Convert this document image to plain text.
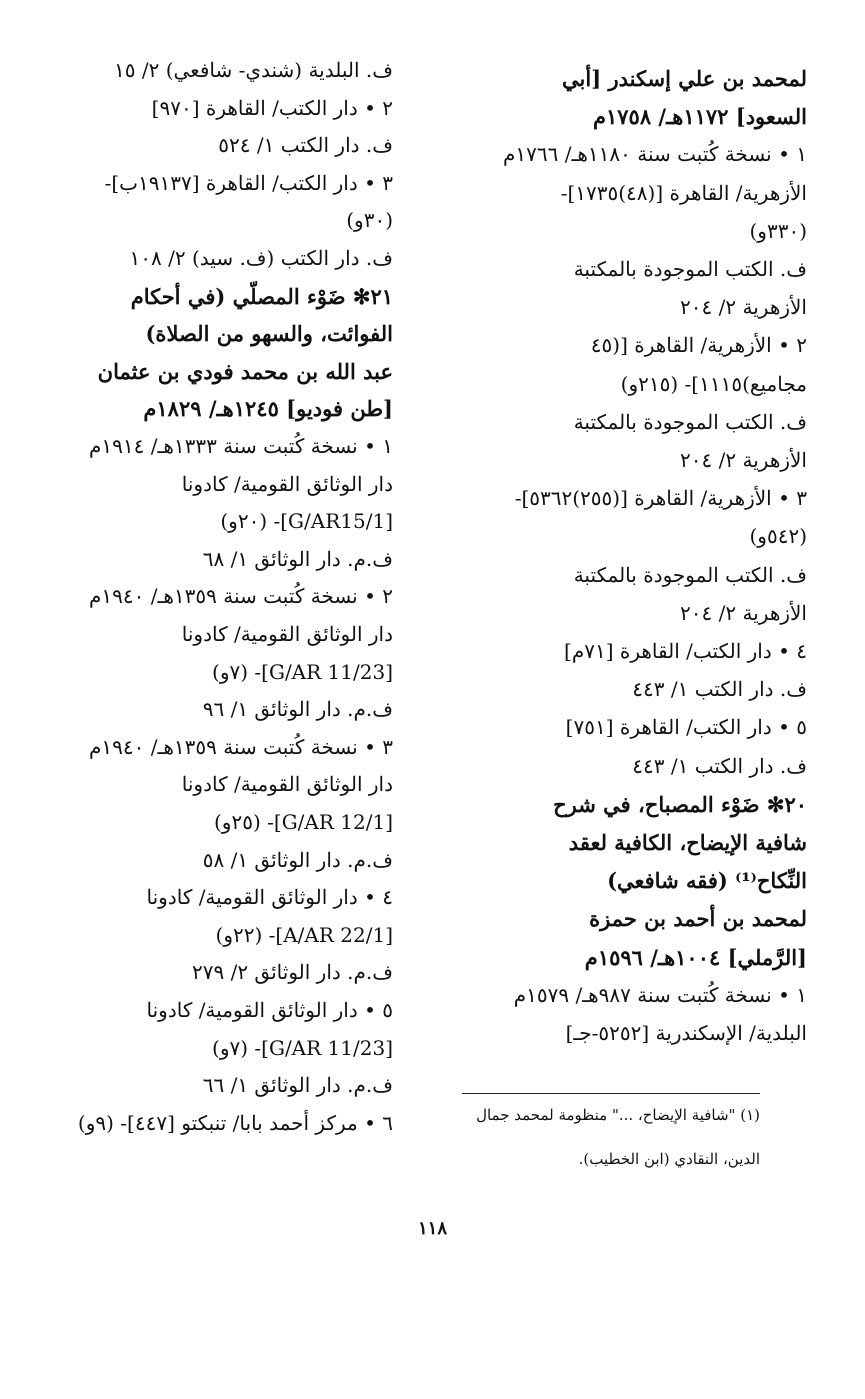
لمحمد بن علي إسكندر [أبي
السعود] ١١٧٢هـ/ ١٧٥٨م
١ • نسخة كُتبت سنة ١١٨٠هـ/ ١٧٦٦م
الأزهرية/ القاهرة [(٤٨)١٧٣٥]-
(٣٣٠و)
ف. الكتب الموجودة بالمكتبة
الأزهرية ٢/ ٢٠٤
٢ • الأزهرية/ القاهرة [(٤٥
مجاميع)١١١٥]- (٢١٥و)
ف. الكتب الموجودة بالمكتبة
الأزهرية ٢/ ٢٠٤
٣ • الأزهرية/ القاهرة [(٢٥٥)٥٣٦٢]-
(٥٤٢و)
ف. الكتب الموجودة بالمكتبة
الأزهرية ٢/ ٢٠٤
٤ • دار الكتب/ القاهرة [٧١م]
ف. دار الكتب ١/ ٤٤٣
٥ • دار الكتب/ القاهرة [٧٥١]
ف. دار الكتب ١/ ٤٤٣
٢٠✻ ضَوْء المصباح، في شرح
شافية الإيضاح، الكافية لعقد
النِّكاح⁽¹⁾ (فقه شافعي)
لمحمد بن أحمد بن حمزة
[الرَّملي] ١٠٠٤هـ/ ١٥٩٦م
١ • نسخة كُتبت سنة ٩٨٧هـ/ ١٥٧٩م
البلدية/ الإسكندرية [٥٢٥٢-جـ]
ف. البلدية (شندي- شافعي) ٢/ ١٥
٢ • دار الكتب/ القاهرة [٩٧٠]
ف. دار الكتب ١/ ٥٢٤
٣ • دار الكتب/ القاهرة [١٩١٣٧ب]-
(٣٠و)
ف. دار الكتب (ف. سيد) ٢/ ١٠٨
٢١✻ ضَوْء المصلّي (في أحكام
الفوائت، والسهو من الصلاة)
عبد الله بن محمد فودي بن عثمان
[طن فوديو] ١٢٤٥هـ/ ١٨٢٩م
١ • نسخة كُتبت سنة ١٣٣٣هـ/ ١٩١٤م
دار الوثائق القومية/ كادونا
[G/AR15/1]- (٢٠و)
ف.م. دار الوثائق ١/ ٦٨
٢ • نسخة كُتبت سنة ١٣٥٩هـ/ ١٩٤٠م
دار الوثائق القومية/ كادونا
[G/AR 11/23]- (٧و)
ف.م. دار الوثائق ١/ ٩٦
٣ • نسخة كُتبت سنة ١٣٥٩هـ/ ١٩٤٠م
دار الوثائق القومية/ كادونا
[G/AR 12/1]- (٢٥و)
ف.م. دار الوثائق ١/ ٥٨
٤ • دار الوثائق القومية/ كادونا
[A/AR 22/1]- (٢٢و)
ف.م. دار الوثائق ٢/ ٢٧٩
٥ • دار الوثائق القومية/ كادونا
[G/AR 11/23]- (٧و)
ف.م. دار الوثائق ١/ ٦٦
٦ • مركز أحمد بابا/ تنبكتو [٤٤٧]- (٩و)	(١) "شافية الإيضاح، ..." منظومة لمحمد جمال
الدين، النقادي (ابن الخطيب).
١١٨
